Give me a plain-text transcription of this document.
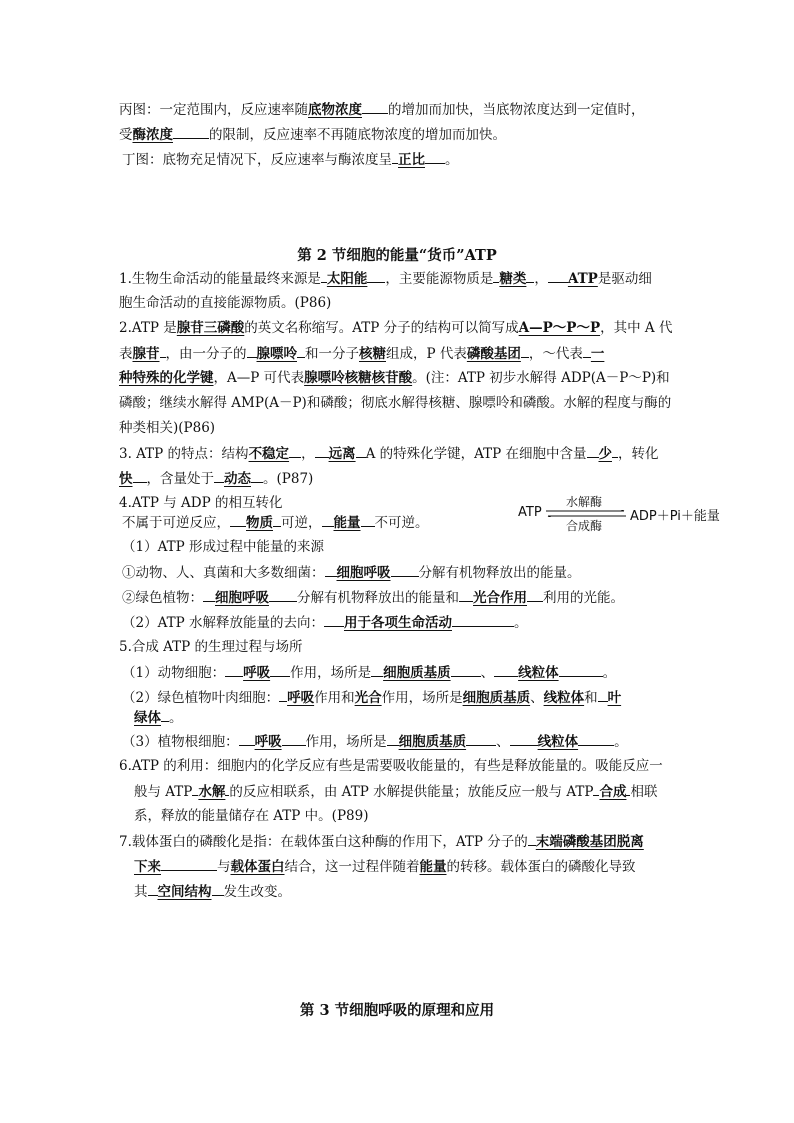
丙图：一定范围内，反应速率随底物浓度 的增加而加快，当底物浓度达到一定值时，
受酶浓度	的限制，反应速率不再随底物浓度的增加而加快。
丁图：底物充足情况下，反应速率与酶浓度呈 正比 。
第 2 节细胞的能量“货币”ATP
1.生物生命活动的能量最终来源是 太阳能 ，主要能源物质是 糖类 ， ATP是驱动细
胞生命活动的直接能源物质。(P86)
2.ATP 是腺苷三磷酸的英文名称缩写。ATP 分子的结构可以简写成A—P～P～P，其中 A 代
表腺苷 ，由一分子的 腺嘌呤 和一分子核糖组成，P 代表磷酸基团 ，～代表 一
种特殊的化学键，A—P 可代表腺嘌呤核糖核苷酸。(注：ATP 初步水解得 ADP(A－P～P)和
磷酸；继续水解得 AMP(A－P)和磷酸；彻底水解得核糖、腺嘌呤和磷酸。水解的程度与酶的
种类相关)(P86)
3. ATP 的特点：结构不稳定 ， 远离 A 的特殊化学键，ATP 在细胞中含量 少 ，转化
快 ，含量处于 动态 。(P87)
4.ATP 与 ADP 的相互转化
不属于可逆反应， 物质 可逆， 能量 不可逆。
ATP
水解酶
合成酶
ADP＋Pi＋能量
（1）ATP 形成过程中能量的来源
①动物、人、真菌和大多数细菌： 细胞呼吸 分解有机物释放出的能量。
②绿色植物： 细胞呼吸 分解有机物释放出的能量和 光合作用 利用的光能。
（2）ATP 水解释放能量的去向： 用于各项生命活动	。
5.合成 ATP 的生理过程与场所
（1）动物细胞： 呼吸 作用，场所是 细胞质基质 、 线粒体	。
（2）绿色植物叶肉细胞： 呼吸作用和光合作用，场所是细胞质基质、线粒体和 叶
绿体 。
（3）植物根细胞： 呼吸 作用，场所是 细胞质基质 、 线粒体	。
6.ATP 的利用：细胞内的化学反应有些是需要吸收能量的，有些是释放能量的。吸能反应一
般与 ATP 水解 的反应相联系，由 ATP 水解提供能量；放能反应一般与 ATP 合成 相联
系，释放的能量储存在 ATP 中。(P89)
7.载体蛋白的磷酸化是指：在载体蛋白这种酶的作用下，ATP 分子的 末端磷酸基团脱离
下来	与载体蛋白结合，这一过程伴随着能量的转移。载体蛋白的磷酸化导致
其 空间结构 发生改变。
第 3 节细胞呼吸的原理和应用
